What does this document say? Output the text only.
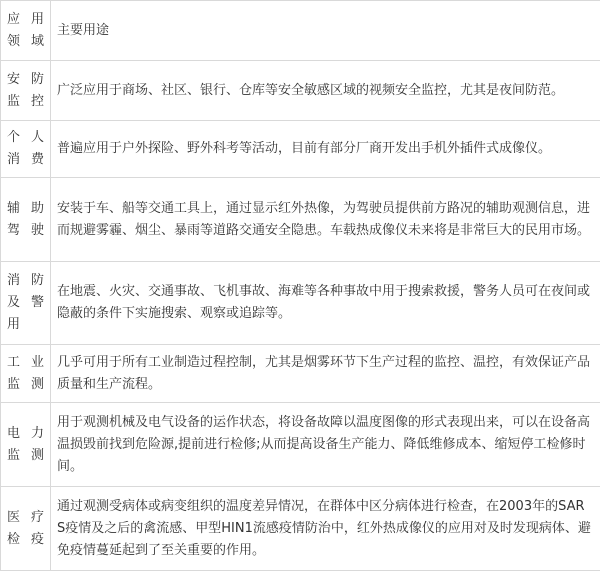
应用领域	主要用途
安防监控	广泛应用于商场、社区、银行、仓库等安全敏感区域的视频安全监控，尤其是夜间防范。
个人消费	普遍应用于户外探险、野外科考等活动，目前有部分厂商开发出手机外插件式成像仪。
辅助驾驶	安装于车、船等交通工具上，通过显示红外热像，为驾驶员提供前方路况的辅助观测信息，进而规避雾霾、烟尘、暴雨等道路交通安全隐患。车载热成像仪未来将是非常巨大的民用市场。
消防及警用	在地震、火灾、交通事故、飞机事故、海难等各种事故中用于搜索救援，警务人员可在夜间或隐蔽的条件下实施搜索、观察或追踪等。
工业监测	几乎可用于所有工业制造过程控制，尤其是烟雾环节下生产过程的监控、温控，有效保证产品质量和生产流程。
电力监测	用于观测机械及电气设备的运作状态，将设备故障以温度图像的形式表现出来，可以在设备高温损毁前找到危险源,提前进行检修;从而提高设备生产能力、降低维修成本、缩短停工检修时间。
医疗检疫	通过观测受病体或病变组织的温度差异情况，在群体中区分病体进行检查，在2003年的SARS疫情及之后的禽流感、甲型HIN1流感疫情防治中，红外热成像仪的应用对及时发现病体、避免疫情蔓延起到了至关重要的作用。
